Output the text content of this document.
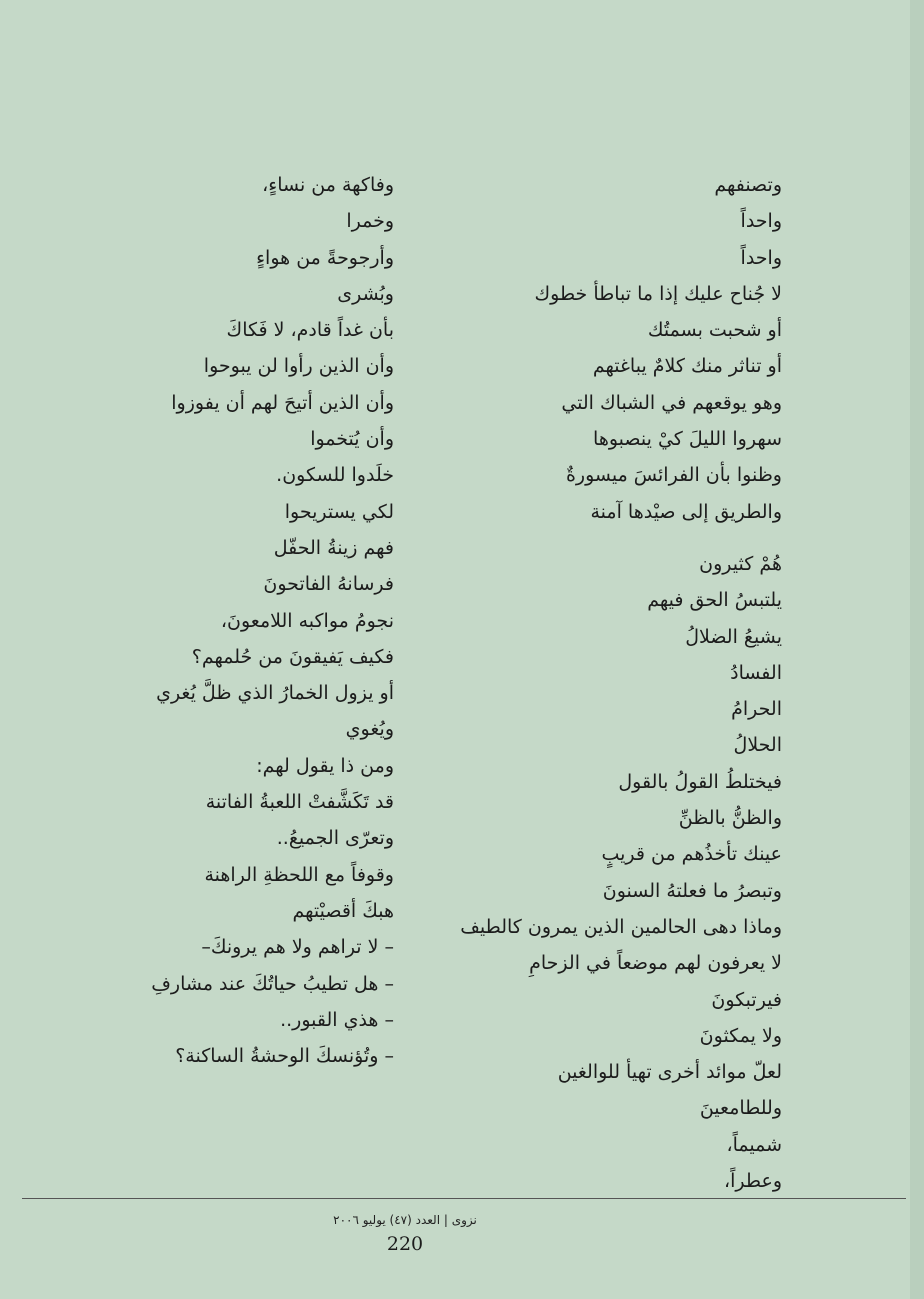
وتصنفهم
واحداً
واحداً
لا جُناح عليك إذا ما تباطأ خطوك
أو شحبت بسمتُك
أو تناثر منك كلامٌ يباغتهم
وهو يوقعهم في الشباك التي
سهروا الليلَ كيْ ينصبوها
وظنوا بأن الفرائسَ ميسورةٌ
والطريق إلى صيْدها آمنة
هُمْ كثيرون
يلتبسُ الحق فيهم
يشيعُ الضلالُ
الفسادُ
الحرامُ
الحلالُ
فيختلطُ القولُ بالقول
والظنُّ بالظنِّ
عينك تأخذُهم من قريبٍ
وتبصرُ ما فعلتهُ السنونَ
وماذا دهى الحالمين الذين يمرون كالطيف
لا يعرفون لهم موضعاً في الزحامِ
فيرتبكونَ
ولا يمكثونَ
لعلّ موائد أخرى تهيأ للوالغين
وللطامعينَ
شميماً،
وعطراً،
وفاكهة من نساءٍ،
وخمرا
وأرجوحةً من هواءٍ
وبُشرى
بأن غداً قادم، لا فَكاكَ
وأن الذين رأوا لن يبوحوا
وأن الذين أتيحَ لهم أن يفوزوا
وأن يُتخموا
خلَدوا للسكون.
لكي يستريحوا
فهم زينةُ الحفّل
فرسانهُ الفاتحونَ
نجومُ مواكبه اللامعونَ،
فكيف يَفيقونَ من حُلمهم؟
أو يزول الخمارُ الذي ظلَّ يُغري
ويُغوي
ومن ذا يقول لهم:
قد تَكَشَّفتْ اللعبةُ الفاتنة
وتعرّى الجميعُ..
وقوفاً مع اللحظةِ الراهنة
هبكَ أقصيْتهم
– لا تراهم ولا هم يرونكَ–
– هل تطيبُ حياتُكَ عند مشارفِ
– هذي القبور..
– وتُؤنسكَ الوحشةُ الساكنة؟
نزوى | العدد (٤٧) يوليو ٢٠٠٦
220
